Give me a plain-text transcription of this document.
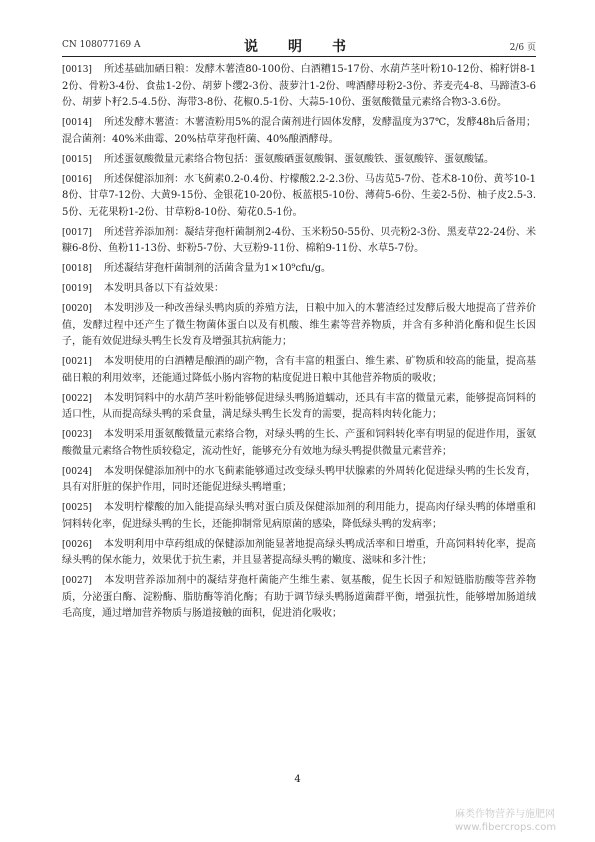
CN 108077169 A	说　明　书	2/6 页

[0013] 所述基础加硒日粮：发酵木薯渣80-100份、白酒糟15-17份、水葫芦茎叶粉10-12份、棉籽饼8-12份、骨粉3-4份、食盐1-2份、胡萝卜缨2-3份、菠萝汁1-2份、啤酒酵母粉2-3份、荞麦壳4-8、马蹄渣3-6份、胡萝卜籽2.5-4.5份、海带3-8份、花椒0.5-1份、大蒜5-10份、蛋氨酸微量元素络合物3-3.6份。

[0014] 所述发酵木薯渣：木薯渣粉用5%的混合菌剂进行固体发酵，发酵温度为37℃，发酵48h后备用；混合菌剂：40%米曲霉、20%枯草芽孢杆菌、40%酿酒酵母。

[0015] 所述蛋氨酸微量元素络合物包括：蛋氨酸硒蛋氨酸铜、蛋氨酸铁、蛋氨酸锌、蛋氨酸锰。

[0016] 所述保健添加剂：水飞蓟素0.2-0.4份、柠檬酸2.2-2.3份、马齿苋5-7份、苍术8-10份、黄芩10-18份、甘草7-12份、大黄9-15份、金银花10-20份、板蓝根5-10份、薄荷5-6份、生姜2-5份、柚子皮2.5-3.5份、无花果粉1-2份、甘草粉8-10份、菊花0.5-1份。

[0017] 所述营养添加剂：凝结芽孢杆菌制剂2-4份、玉米粉50-55份、贝壳粉2-3份、黑麦草22-24份、米糠6-8份、鱼粉11-13份、虾粉5-7份、大豆粉9-11份、棉粕9-11份、水草5-7份。

[0018] 所述凝结芽孢杆菌制剂的活菌含量为1×10⁹cfu/g。

[0019] 本发明具备以下有益效果：

[0020] 本发明涉及一种改善绿头鸭肉质的养殖方法，日粮中加入的木薯渣经过发酵后极大地提高了营养价值，发酵过程中还产生了微生物菌体蛋白以及有机酸、维生素等营养物质，并含有多种消化酶和促生长因子，能有效促进绿头鸭生长发育及增强其抗病能力；

[0021] 本发明使用的白酒糟是酿酒的副产物，含有丰富的粗蛋白、维生素、矿物质和较高的能量，提高基础日粮的利用效率，还能通过降低小肠内容物的粘度促进日粮中其他营养物质的吸收；

[0022] 本发明饲料中的水葫芦茎叶粉能够促进绿头鸭肠道蠕动，还具有丰富的微量元素，能够提高饲料的适口性，从而提高绿头鸭的采食量，满足绿头鸭生长发育的需要，提高料肉转化能力；

[0023] 本发明采用蛋氨酸微量元素络合物，对绿头鸭的生长、产蛋和饲料转化率有明显的促进作用，蛋氨酸微量元素络合物性质较稳定，流动性好，能够充分有效地为绿头鸭提供微量元素营养；

[0024] 本发明保健添加剂中的水飞蓟素能够通过改变绿头鸭甲状腺素的外周转化促进绿头鸭的生长发育，具有对肝脏的保护作用，同时还能促进绿头鸭增重；

[0025] 本发明柠檬酸的加入能提高绿头鸭对蛋白质及保健添加剂的利用能力，提高肉仔绿头鸭的体增重和饲料转化率，促进绿头鸭的生长，还能抑制常见病原菌的感染，降低绿头鸭的发病率；

[0026] 本发明利用中草药组成的保健添加剂能显著地提高绿头鸭成活率和日增重，升高饲料转化率，提高绿头鸭的保水能力，效果优于抗生素，并且显著提高绿头鸭的嫩度、滋味和多汁性；

[0027] 本发明营养添加剂中的凝结芽孢杆菌能产生维生素、氨基酸，促生长因子和短链脂肪酸等营养物质，分泌蛋白酶、淀粉酶、脂肪酶等消化酶；有助于调节绿头鸭肠道菌群平衡，增强抗性，能够增加肠道绒毛高度，通过增加营养物质与肠道接触的面积，促进消化吸收；

4
麻类作物营养与施肥网
www.fibercrops.com
